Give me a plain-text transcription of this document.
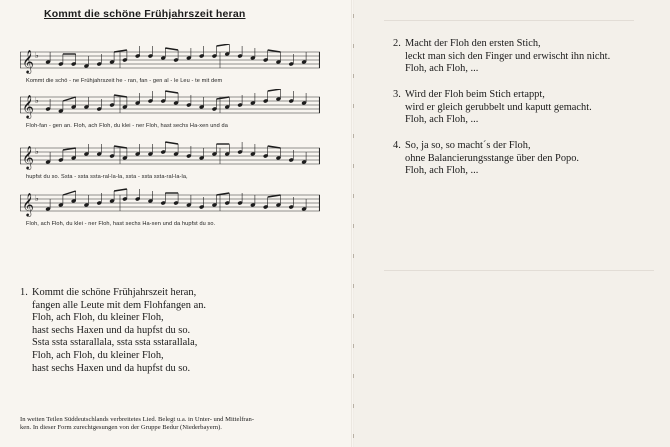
Kommt die schöne Frühjahrszeit heran
𝄞 ♭
Kommt die schö - ne Frühjahrszeit he - ran, fan - gen al - le Leu - te mit dem
𝄞 ♭
Floh-fan - gen an. Floh, ach Floh, du klei - ner Floh, hast sechs Ha-xen und da
𝄞 ♭
hupfst du so. Ssta - ssta ssta-ral-la-la, ssta - ssta ssta-ral-la-la,
𝄞 ♭
Floh, ach Floh, du klei - ner Floh, hast sechs Ha-xen und da hupfst du so.
1. Kommt die schöne Frühjahrszeit heran,
fangen alle Leute mit dem Flohfangen an.
Floh, ach Floh, du kleiner Floh,
hast sechs Haxen und da hupfst du so.
Ssta ssta sstarallala, ssta ssta sstarallala,
Floh, ach Floh, du kleiner Floh,
hast sechs Haxen und da hupfst du so.
In weiten Teilen Süddeutschlands verbreitetes Lied. Belegt u.a. in Unter- und Mittelfran-
ken. In dieser Form zurechtgesungen von der Gruppe Bedur (Niederbayern).
2. Macht der Floh den ersten Stich,
leckt man sich den Finger und erwischt ihn nicht.
Floh, ach Floh, ...
3. Wird der Floh beim Stich ertappt,
wird er gleich gerubbelt und kaputt gemacht.
Floh, ach Floh, ...
4. So, ja so, so macht´s der Floh,
ohne Balancierungsstange über den Popo.
Floh, ach Floh, ...
